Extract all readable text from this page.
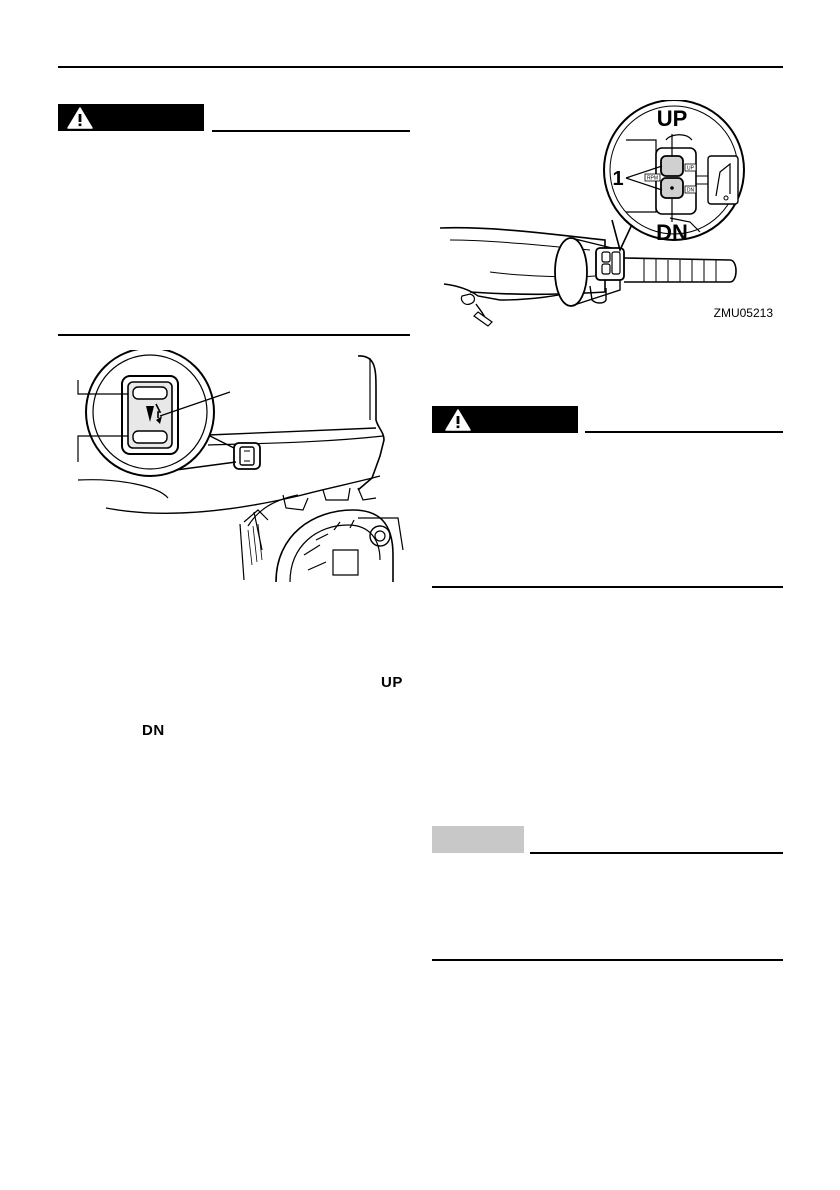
UP
DN
RPM
UP
DN
UP
DN
1
ZMU05213
